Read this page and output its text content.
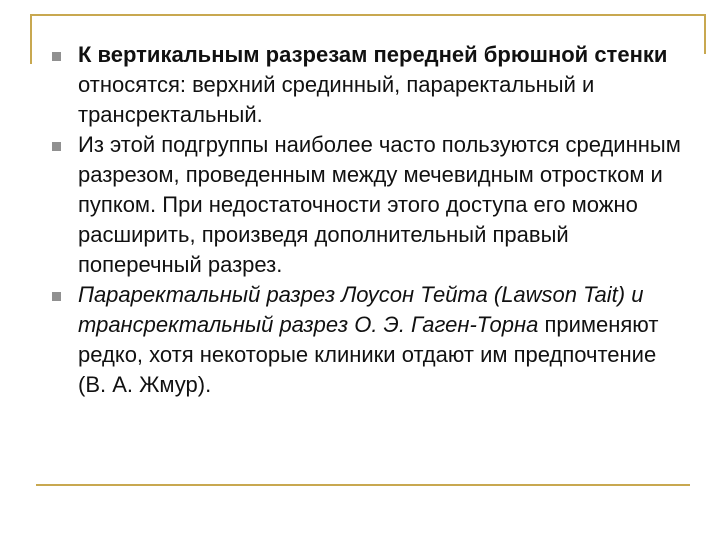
К вертикальным разрезам передней брюшной стенки относятся: верхний срединный, параректальный и трансректальный.
Из этой подгруппы наиболее часто пользуются срединным разрезом, проведенным между мечевидным отростком и пупком. При недостаточности этого доступа его можно расширить, произведя дополнительный правый поперечный разрез.
Параректальный разрез Лоусон Тейта (Lawson Tait) и трансректальный разрез О. Э. Гаген-Торна применяют редко, хотя некоторые клиники отдают им предпочтение (В. А. Жмур).
